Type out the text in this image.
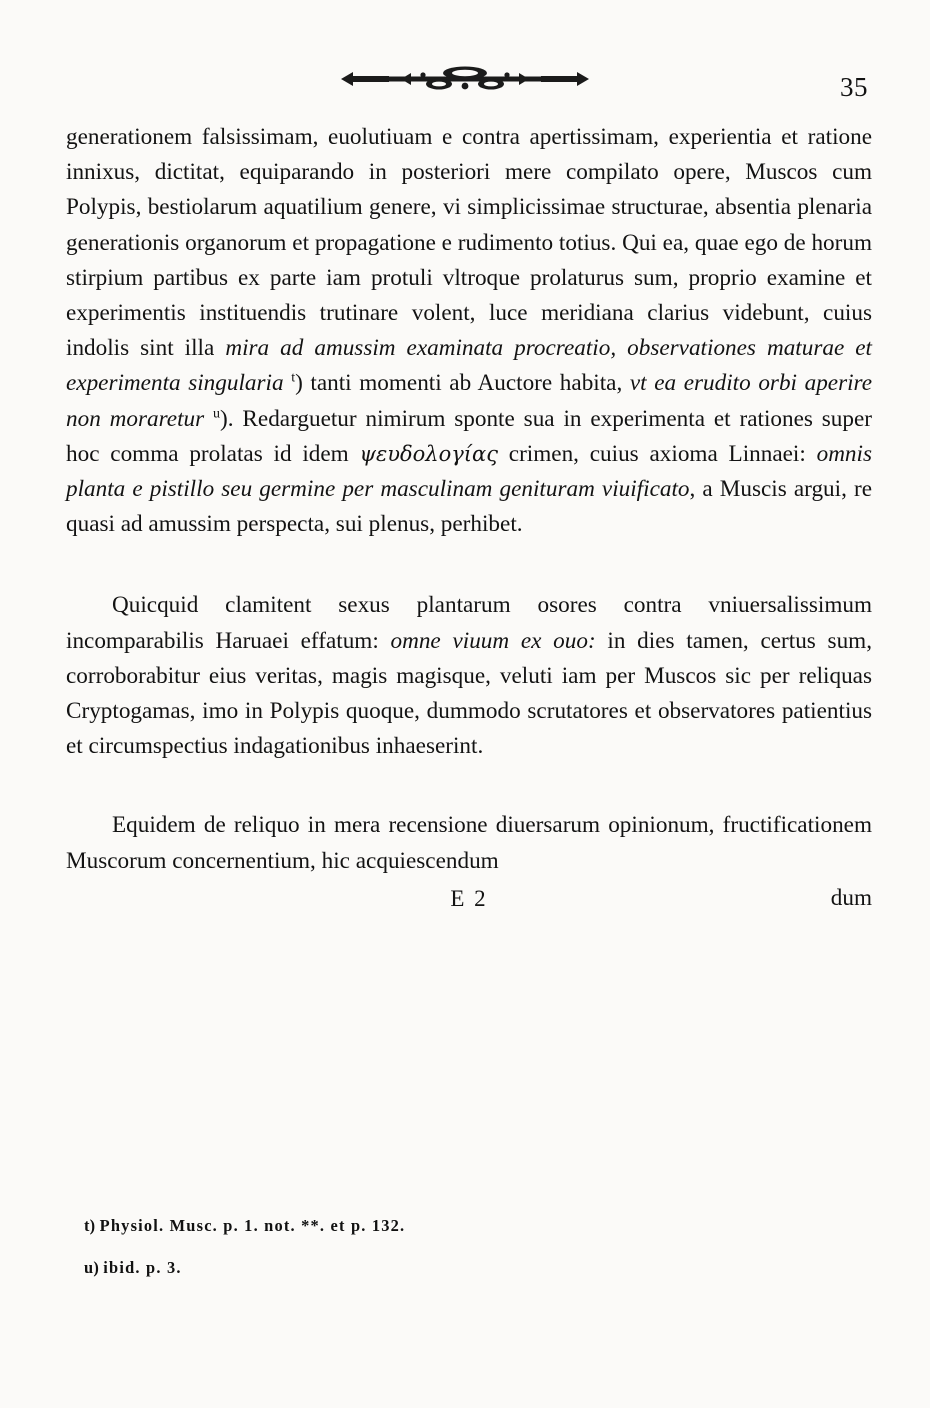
35

generationem falsissimam, euolutiuam e contra apertissimam, experientia et ratione innixus, dictitat, equiparando in posteriori mere compilato opere, Muscos cum Polypis, bestiolarum aquatilium genere, vi simplicissimae structurae, absentia plenaria generationis organorum et propagatione e rudimento totius. Qui ea, quae ego de horum stirpium partibus ex parte iam protuli vltroque prolaturus sum, proprio examine et experimentis instituendis trutinare volent, luce meridiana clarius videbunt, cuius indolis sint illa mira ad amussim examinata procreatio, observationes maturae et experimenta singularia $^t$) tanti momenti ab Auctore habita, vt ea erudito orbi aperire non moraretur $^u$). Redarguetur nimirum sponte sua in experimenta et rationes super hoc comma prolatas id idem ψευδολογίας crimen, cuius axioma Linnaei: omnis planta e pistillo seu germine per masculinam genituram viuificato, a Muscis argui, re quasi ad amussim perspecta, sui plenus, perhibet.

Quicquid clamitent sexus plantarum osores contra vniuersalissimum incomparabilis Haruaei effatum: omne viuum ex ouo: in dies tamen, certus sum, corroborabitur eius veritas, magis magisque, veluti iam per Muscos sic per reliquas Cryptogamas, imo in Polypis quoque, dummodo scrutatores et observatores patientius et circumspectius indagationibus inhaeserint.

Equidem de reliquo in mera recensione diuersarum opinionum, fructificationem Muscorum concernentium, hic acquiescendum

E 2	dum

t) Physiol. Musc. p. 1. not. **. et p. 132.

u) ibid. p. 3.
